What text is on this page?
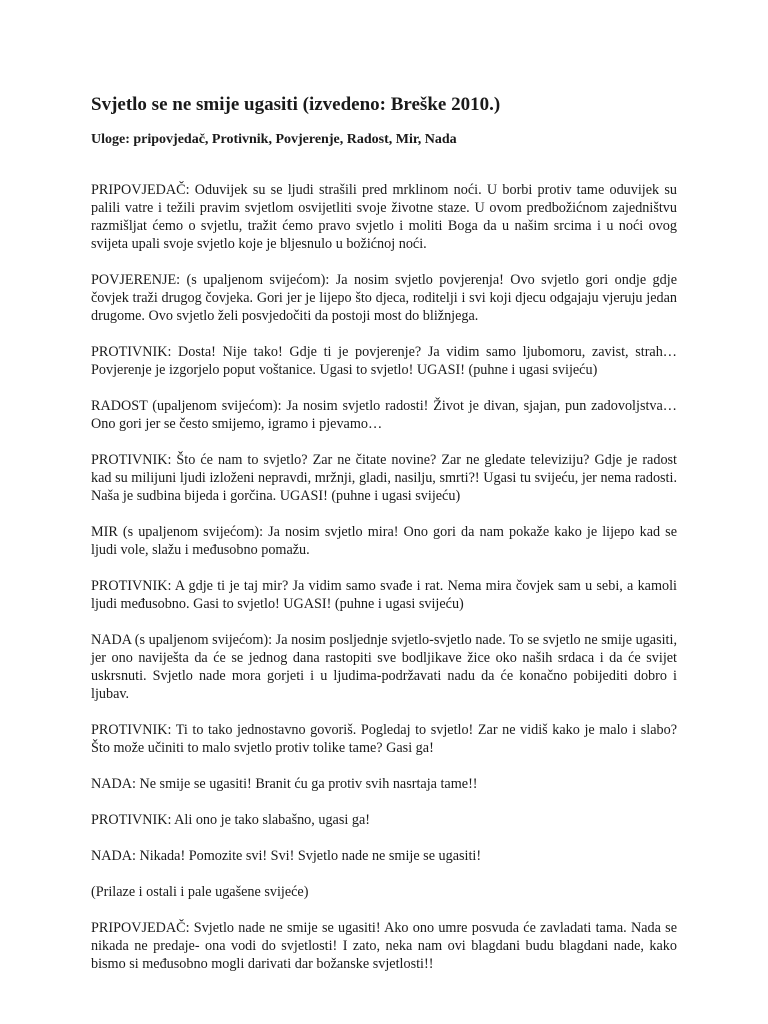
Svjetlo se ne smije ugasiti (izvedeno: Breške 2010.)

Uloge: pripovjedač, Protivnik, Povjerenje, Radost, Mir, Nada

PRIPOVJEDAČ: Oduvijek su se ljudi strašili pred mrklinom noći. U borbi protiv tame oduvijek su palili vatre i težili pravim svjetlom osvijetliti svoje životne staze. U ovom predbožićnom zajedništvu razmišljat ćemo o svjetlu, tražit ćemo pravo svjetlo i moliti Boga da u našim srcima i u noći ovog svijeta upali svoje svjetlo koje je bljesnulo u božićnoj noći.

POVJERENJE: (s upaljenom svijećom): Ja nosim svjetlo povjerenja! Ovo svjetlo gori ondje gdje čovjek traži drugog čovjeka. Gori jer je lijepo što djeca, roditelji i svi koji djecu odgajaju vjeruju jedan drugome. Ovo svjetlo želi posvjedočiti da postoji most do bližnjega.

PROTIVNIK: Dosta! Nije tako! Gdje ti je povjerenje? Ja vidim samo ljubomoru, zavist, strah… Povjerenje je izgorjelo poput voštanice. Ugasi to svjetlo! UGASI! (puhne i ugasi svijeću)

RADOST (upaljenom svijećom): Ja nosim svjetlo radosti! Život je divan, sjajan, pun zadovoljstva… Ono gori jer se često smijemo, igramo i pjevamo…

PROTIVNIK: Što će nam to svjetlo? Zar ne čitate novine? Zar ne gledate televiziju? Gdje je radost kad su milijuni ljudi izloženi nepravdi, mržnji, gladi, nasilju, smrti?! Ugasi tu svijeću, jer nema radosti. Naša je sudbina bijeda i gorčina. UGASI! (puhne i ugasi svijeću)

MIR (s upaljenom svijećom): Ja nosim svjetlo mira! Ono gori da nam pokaže kako je lijepo kad se ljudi vole, slažu i međusobno pomažu.

PROTIVNIK: A gdje ti je taj mir? Ja vidim samo svađe i rat. Nema mira čovjek sam u sebi, a kamoli ljudi međusobno. Gasi to svjetlo! UGASI! (puhne i ugasi svijeću)

NADA (s upaljenom svijećom): Ja nosim posljednje svjetlo-svjetlo nade. To se svjetlo ne smije ugasiti, jer ono naviješta da će se jednog dana rastopiti sve bodljikave žice oko naših srdaca i da će svijet uskrsnuti. Svjetlo nade mora gorjeti i u ljudima-podržavati nadu da će konačno pobijediti dobro i ljubav.

PROTIVNIK: Ti to tako jednostavno govoriš. Pogledaj to svjetlo! Zar ne vidiš kako je malo i slabo? Što može učiniti to malo svjetlo protiv tolike tame? Gasi ga!

NADA: Ne smije se ugasiti! Branit ću ga protiv svih nasrtaja tame!!

PROTIVNIK: Ali ono je tako slabašno, ugasi ga!

NADA: Nikada! Pomozite svi! Svi! Svjetlo nade ne smije se ugasiti!

(Prilaze i ostali i pale ugašene svijeće)

PRIPOVJEDAČ: Svjetlo nade ne smije se ugasiti! Ako ono umre posvuda će zavladati tama. Nada se nikada ne predaje- ona vodi do svjetlosti! I zato, neka nam ovi blagdani budu blagdani nade, kako bismo si međusobno mogli darivati dar božanske svjetlosti!!
